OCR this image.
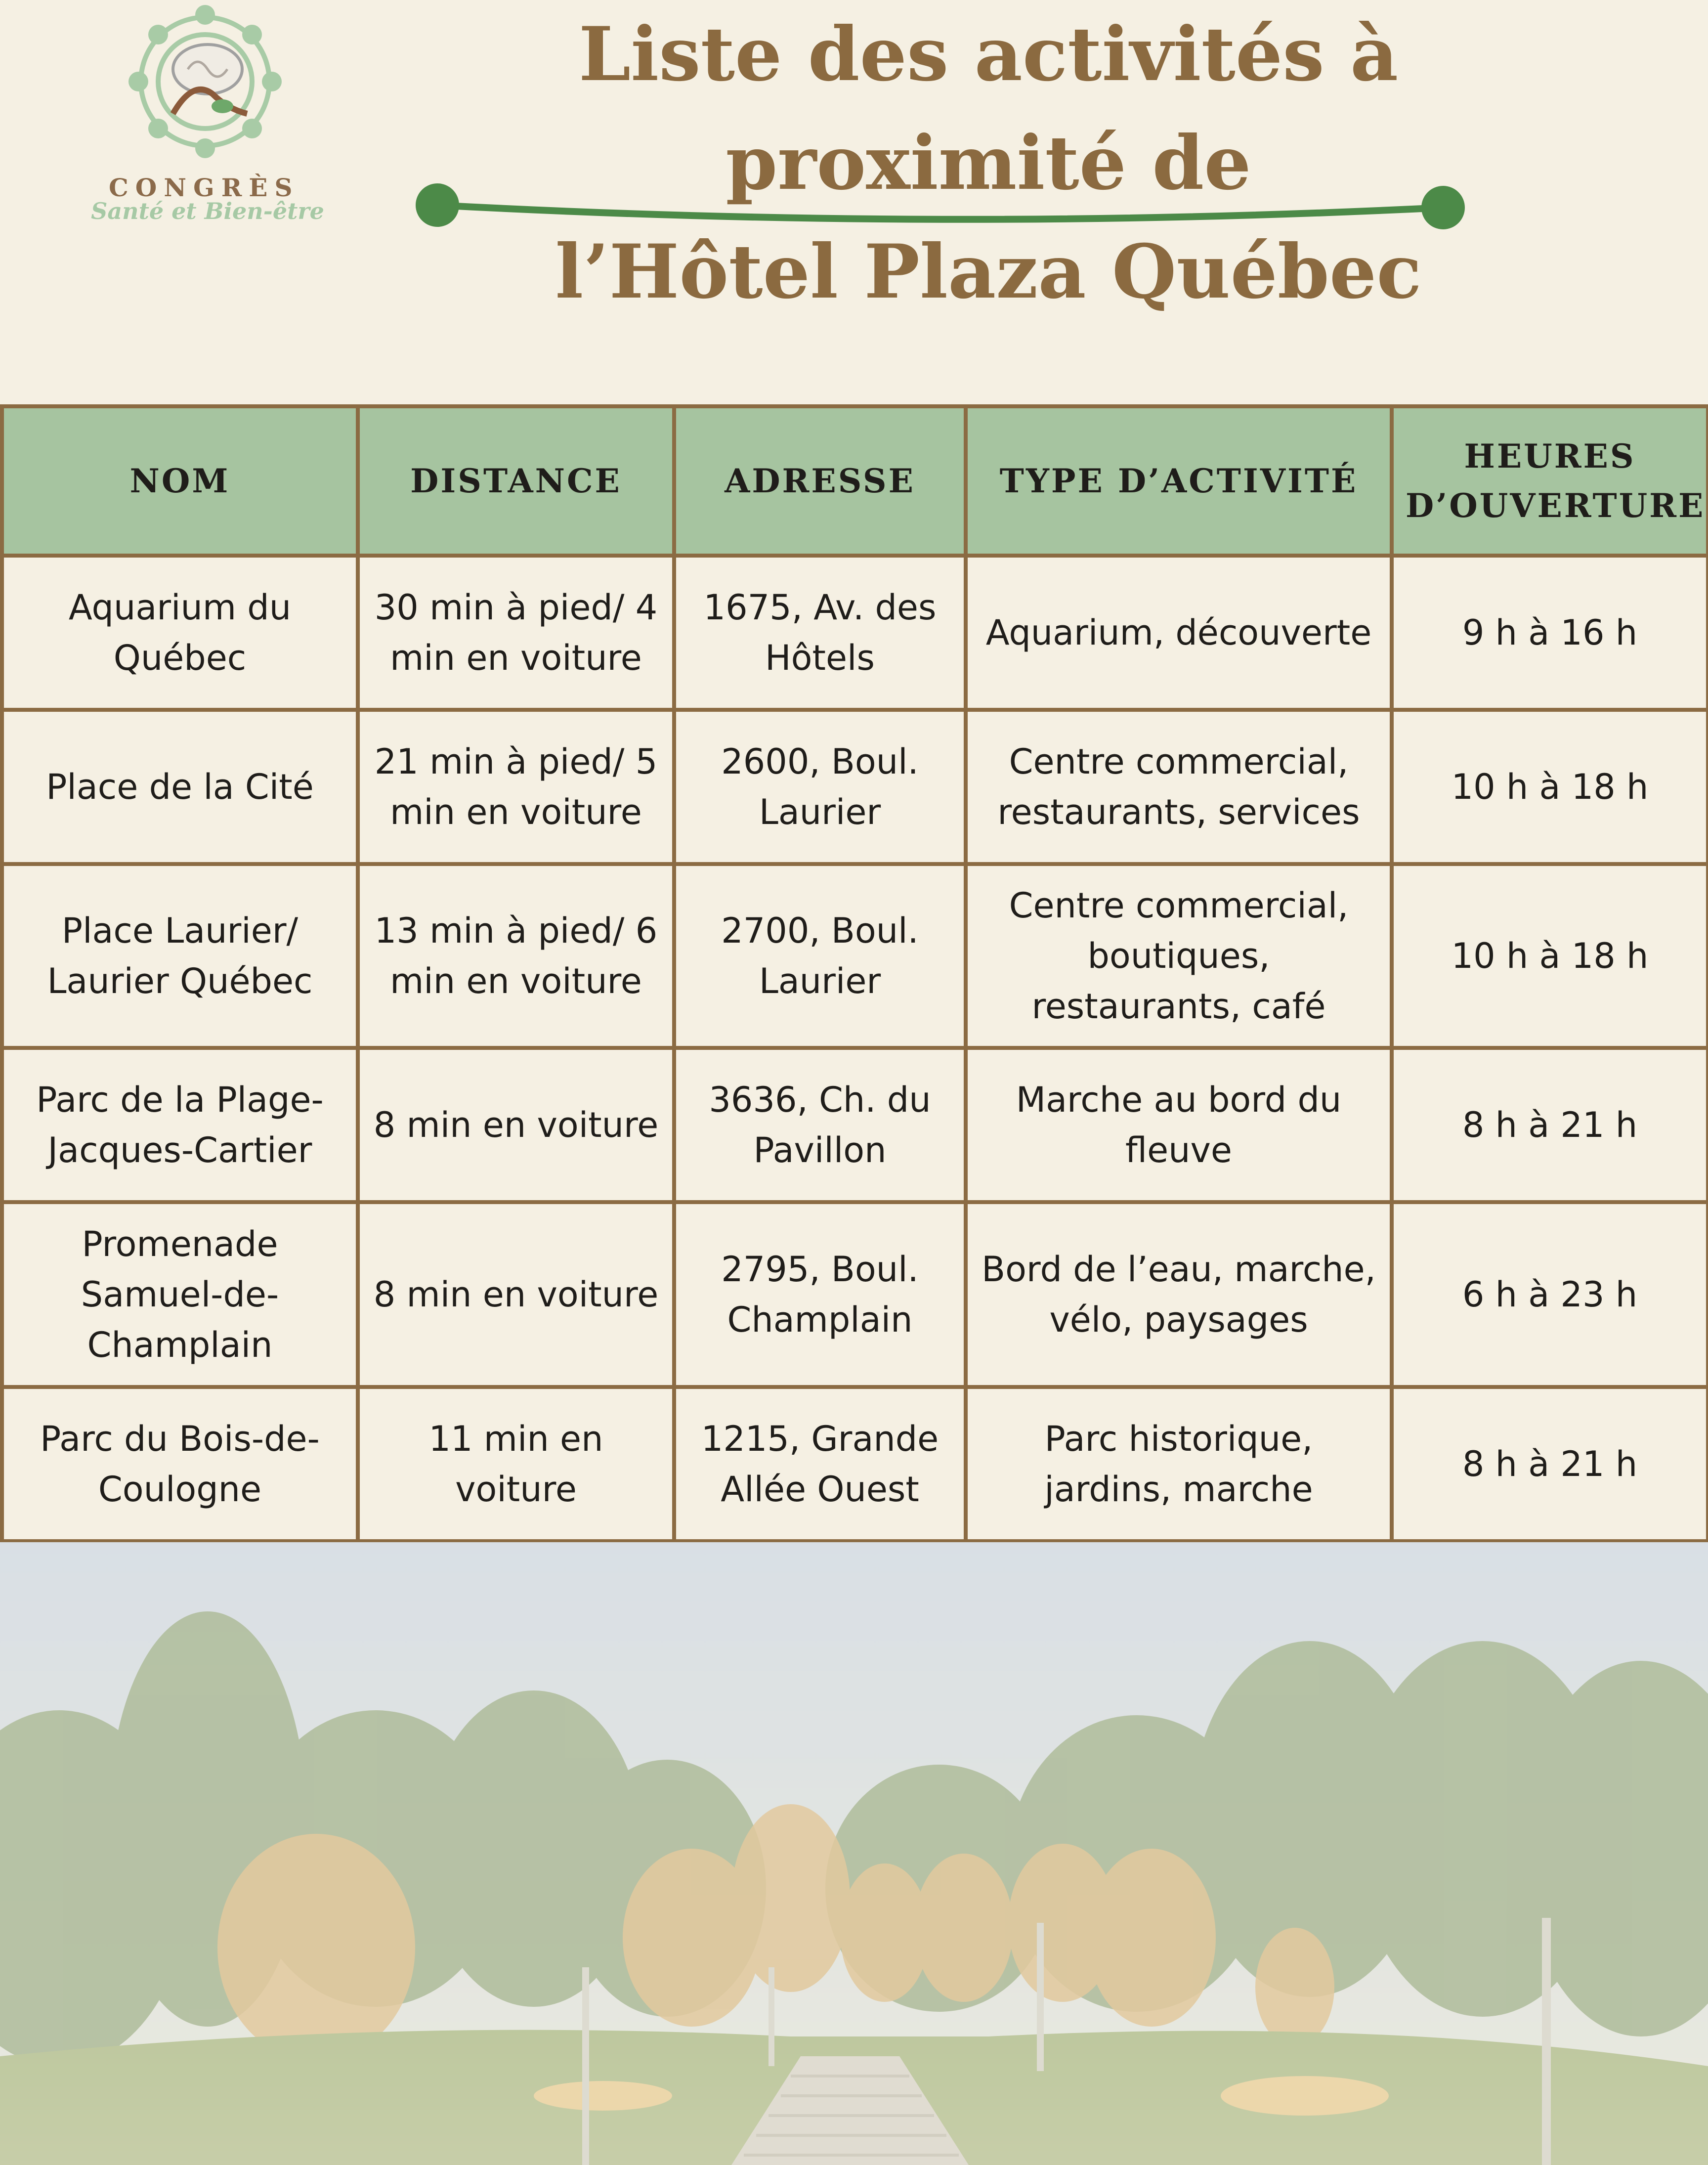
CONGRÈS
Santé et Bien-être
Liste des activités à proximité de
l’Hôtel Plaza Québec
NOM	DISTANCE	ADRESSE	TYPE D’ACTIVITÉ	HEURES D’OUVERTURE
Aquarium du Québec	30 min à pied/ 4 min en voiture	1675, Av. des Hôtels	Aquarium, découverte	9 h à 16 h
Place de la Cité	21 min à pied/ 5 min en voiture	2600, Boul. Laurier	Centre commercial, restaurants, services	10 h à 18 h
Place Laurier/ Laurier Québec	13 min à pied/ 6 min en voiture	2700, Boul. Laurier	Centre commercial, boutiques, restaurants, café	10 h à 18 h
Parc de la Plage-Jacques-Cartier	8 min en voiture	3636, Ch. du Pavillon	Marche au bord du fleuve	8 h à 21 h
Promenade Samuel-de-Champlain	8 min en voiture	2795, Boul. Champlain	Bord de l’eau, marche, vélo, paysages	6 h à 23 h
Parc du Bois-de-Coulogne	11 min en voiture	1215, Grande Allée Ouest	Parc historique, jardins, marche	8 h à 21 h
